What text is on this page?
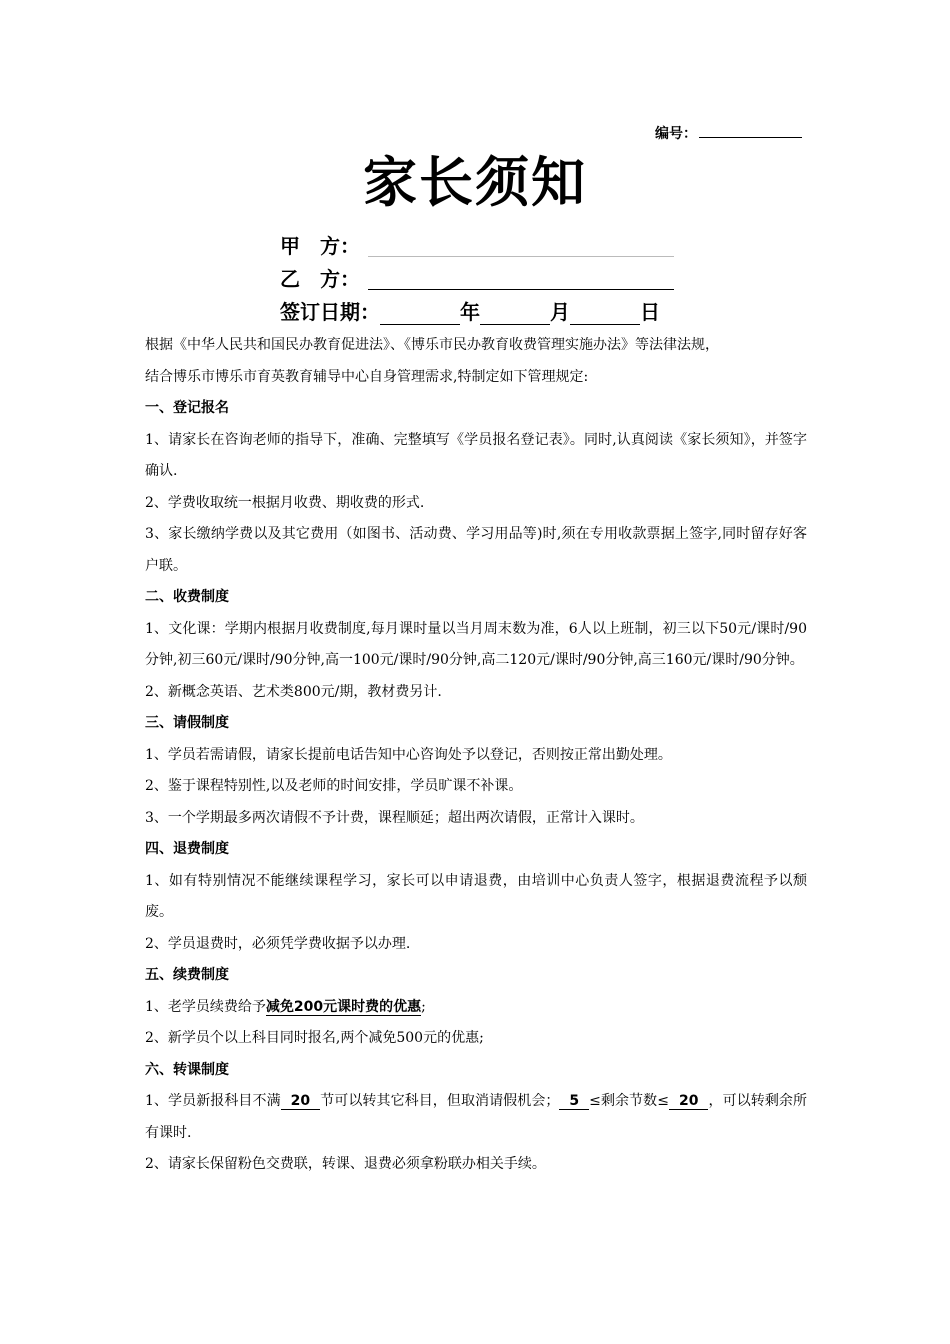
编号：
家长须知
甲　方：
乙　方：
签订日期：	年	月	日

根据《中华人民共和国民办教育促进法》、《博乐市民办教育收费管理实施办法》等法律法规，

结合博乐市博乐市育英教育辅导中心自身管理需求,特制定如下管理规定:

一、登记报名

1、请家长在咨询老师的指导下，准确、完整填写《学员报名登记表》。同时,认真阅读《家长须知》，并签字确认.

2、学费收取统一根据月收费、期收费的形式.

3、家长缴纳学费以及其它费用（如图书、活动费、学习用品等)时,须在专用收款票据上签字,同时留存好客户联。

二、收费制度

1、文化课：学期内根据月收费制度,每月课时量以当月周末数为准，6人以上班制，初三以下50元/课时/90分钟,初三60元/课时/90分钟,高一100元/课时/90分钟,高二120元/课时/90分钟,高三160元/课时/90分钟。

2、新概念英语、艺术类800元/期，教材费另计.

三、请假制度

1、学员若需请假，请家长提前电话告知中心咨询处予以登记，否则按正常出勤处理。

2、鉴于课程特别性,以及老师的时间安排，学员旷课不补课。

3、一个学期最多两次请假不予计费，课程顺延；超出两次请假，正常计入课时。

四、退费制度

1、如有特别情况不能继续课程学习，家长可以申请退费，由培训中心负责人签字，根据退费流程予以颓废。

2、学员退费时，必须凭学费收据予以办理.

五、续费制度

1、老学员续费给予减免200元课时费的优惠;

2、新学员个以上科目同时报名,两个减免500元的优惠;

六、转课制度

1、学员新报科目不满 20 节可以转其它科目，但取消请假机会； 5 ≤剩余节数≤ 20 ，可以转剩余所有课时.

2、请家长保留粉色交费联，转课、退费必须拿粉联办相关手续。
